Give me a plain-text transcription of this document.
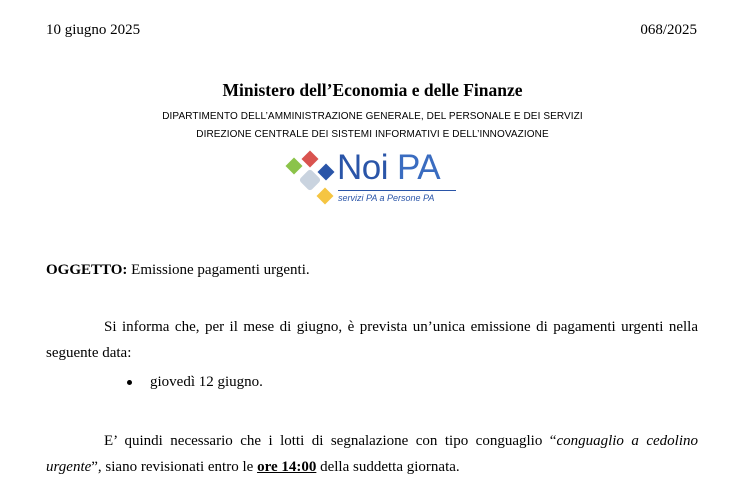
10 giugno 2025	068/2025
Ministero dell’Economia e delle Finanze
DIPARTIMENTO DELL’AMMINISTRAZIONE GENERALE, DEL PERSONALE E DEI SERVIZI
DIREZIONE CENTRALE DEI SISTEMI INFORMATIVI E DELL’INNOVAZIONE
Noi PA
servizi PA a Persone PA
OGGETTO: Emissione pagamenti urgenti.
Si informa che, per il mese di giugno, è prevista un’unica emissione di pagamenti urgenti nella seguente data:
giovedì 12 giugno.
E’ quindi necessario che i lotti di segnalazione con tipo conguaglio “conguaglio a cedolino urgente”, siano revisionati entro le ore 14:00 della suddetta giornata.
